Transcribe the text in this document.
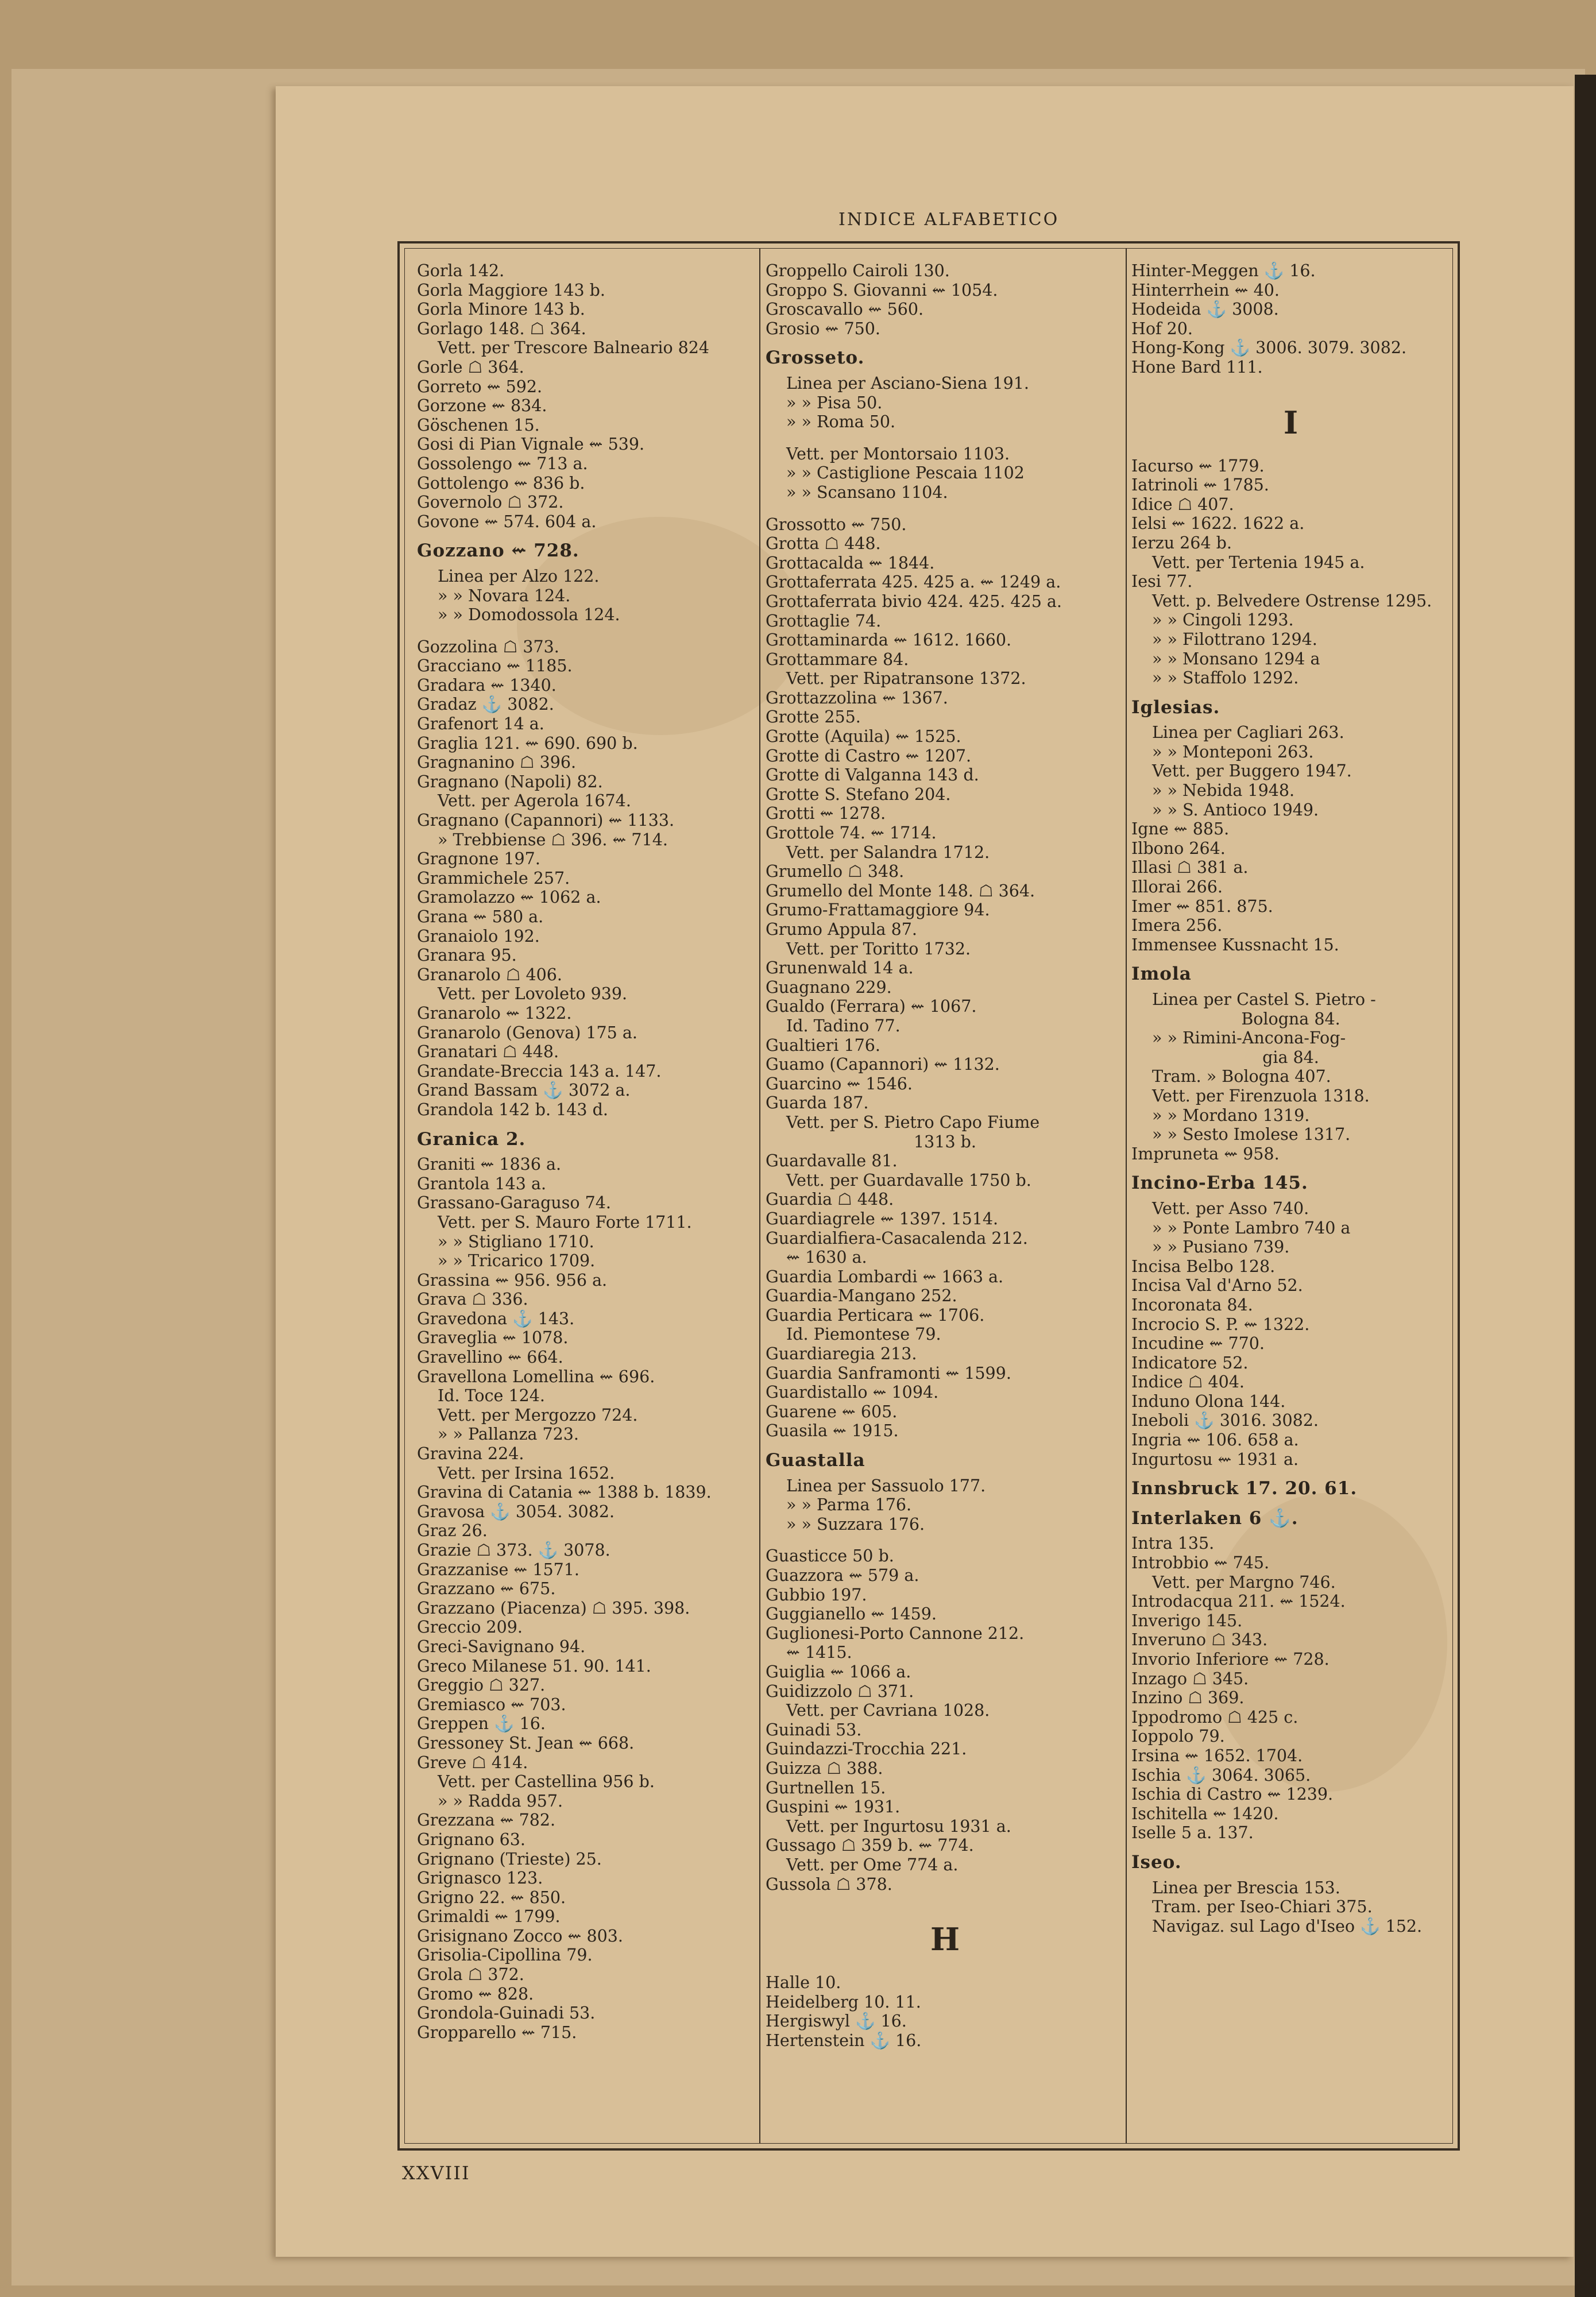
INDICE ALFABETICO
Gorla 142.
Gorla Maggiore 143 b.
Gorla Minore 143 b.
Gorlago 148. ☖ 364.
Vett. per Trescore Balneario 824
Gorle ☖ 364.
Gorreto ⇜ 592.
Gorzone ⇜ 834.
Göschenen 15.
Gosi di Pian Vignale ⇜ 539.
Gossolengo ⇜ 713 a.
Gottolengo ⇜ 836 b.
Governolo ☖ 372.
Govone ⇜ 574. 604 a.
Gozzano ⇜ 728.
Linea per Alzo 122.
» » Novara 124.
» » Domodossola 124.
Gozzolina ☖ 373.
Gracciano ⇜ 1185.
Gradara ⇜ 1340.
Gradaz ⚓ 3082.
Grafenort 14 a.
Graglia 121. ⇜ 690. 690 b.
Gragnanino ☖ 396.
Gragnano (Napoli) 82.
Vett. per Agerola 1674.
Gragnano (Capannori) ⇜ 1133.
» Trebbiense ☖ 396. ⇜ 714.
Gragnone 197.
Grammichele 257.
Gramolazzo ⇜ 1062 a.
Grana ⇜ 580 a.
Granaiolo 192.
Granara 95.
Granarolo ☖ 406.
Vett. per Lovoleto 939.
Granarolo ⇜ 1322.
Granarolo (Genova) 175 a.
Granatari ☖ 448.
Grandate-Breccia 143 a. 147.
Grand Bassam ⚓ 3072 a.
Grandola 142 b. 143 d.
Granica 2.
Graniti ⇜ 1836 a.
Grantola 143 a.
Grassano-Garaguso 74.
Vett. per S. Mauro Forte 1711.
» » Stigliano 1710.
» » Tricarico 1709.
Grassina ⇜ 956. 956 a.
Grava ☖ 336.
Gravedona ⚓ 143.
Graveglia ⇜ 1078.
Gravellino ⇜ 664.
Gravellona Lomellina ⇜ 696.
Id. Toce 124.
Vett. per Mergozzo 724.
» » Pallanza 723.
Gravina 224.
Vett. per Irsina 1652.
Gravina di Catania ⇜ 1388 b. 1839.
Gravosa ⚓ 3054. 3082.
Graz 26.
Grazie ☖ 373. ⚓ 3078.
Grazzanise ⇜ 1571.
Grazzano ⇜ 675.
Grazzano (Piacenza) ☖ 395. 398.
Greccio 209.
Greci-Savignano 94.
Greco Milanese 51. 90. 141.
Greggio ☖ 327.
Gremiasco ⇜ 703.
Greppen ⚓ 16.
Gressoney St. Jean ⇜ 668.
Greve ☖ 414.
Vett. per Castellina 956 b.
» » Radda 957.
Grezzana ⇜ 782.
Grignano 63.
Grignano (Trieste) 25.
Grignasco 123.
Grigno 22. ⇜ 850.
Grimaldi ⇜ 1799.
Grisignano Zocco ⇜ 803.
Grisolia-Cipollina 79.
Grola ☖ 372.
Gromo ⇜ 828.
Grondola-Guinadi 53.
Gropparello ⇜ 715.
Groppello Cairoli 130.
Groppo S. Giovanni ⇜ 1054.
Groscavallo ⇜ 560.
Grosio ⇜ 750.
Grosseto.
Linea per Asciano-Siena 191.
» » Pisa 50.
» » Roma 50.
Vett. per Montorsaio 1103.
» » Castiglione Pescaia 1102
» » Scansano 1104.
Grossotto ⇜ 750.
Grotta ☖ 448.
Grottacalda ⇜ 1844.
Grottaferrata 425. 425 a. ⇜ 1249 a.
Grottaferrata bivio 424. 425. 425 a.
Grottaglie 74.
Grottaminarda ⇜ 1612. 1660.
Grottammare 84.
Vett. per Ripatransone 1372.
Grottazzolina ⇜ 1367.
Grotte 255.
Grotte (Aquila) ⇜ 1525.
Grotte di Castro ⇜ 1207.
Grotte di Valganna 143 d.
Grotte S. Stefano 204.
Grotti ⇜ 1278.
Grottole 74. ⇜ 1714.
Vett. per Salandra 1712.
Grumello ☖ 348.
Grumello del Monte 148. ☖ 364.
Grumo-Frattamaggiore 94.
Grumo Appula 87.
Vett. per Toritto 1732.
Grunenwald 14 a.
Guagnano 229.
Gualdo (Ferrara) ⇜ 1067.
Id. Tadino 77.
Gualtieri 176.
Guamo (Capannori) ⇜ 1132.
Guarcino ⇜ 1546.
Guarda 187.
Vett. per S. Pietro Capo Fiume
1313 b.
Guardavalle 81.
Vett. per Guardavalle 1750 b.
Guardia ☖ 448.
Guardiagrele ⇜ 1397. 1514.
Guardialfiera-Casacalenda 212.
⇜ 1630 a.
Guardia Lombardi ⇜ 1663 a.
Guardia-Mangano 252.
Guardia Perticara ⇜ 1706.
Id. Piemontese 79.
Guardiaregia 213.
Guardia Sanframonti ⇜ 1599.
Guardistallo ⇜ 1094.
Guarene ⇜ 605.
Guasila ⇜ 1915.
Guastalla
Linea per Sassuolo 177.
» » Parma 176.
» » Suzzara 176.
Guasticce 50 b.
Guazzora ⇜ 579 a.
Gubbio 197.
Guggianello ⇜ 1459.
Guglionesi-Porto Cannone 212.
⇜ 1415.
Guiglia ⇜ 1066 a.
Guidizzolo ☖ 371.
Vett. per Cavriana 1028.
Guinadi 53.
Guindazzi-Trocchia 221.
Guizza ☖ 388.
Gurtnellen 15.
Guspini ⇜ 1931.
Vett. per Ingurtosu 1931 a.
Gussago ☖ 359 b. ⇜ 774.
Vett. per Ome 774 a.
Gussola ☖ 378.
H
Halle 10.
Heidelberg 10. 11.
Hergiswyl ⚓ 16.
Hertenstein ⚓ 16.
Hinter-Meggen ⚓ 16.
Hinterrhein ⇜ 40.
Hodeida ⚓ 3008.
Hof 20.
Hong-Kong ⚓ 3006. 3079. 3082.
Hone Bard 111.
I
Iacurso ⇜ 1779.
Iatrinoli ⇜ 1785.
Idice ☖ 407.
Ielsi ⇜ 1622. 1622 a.
Ierzu 264 b.
Vett. per Tertenia 1945 a.
Iesi 77.
Vett. p. Belvedere Ostrense 1295.
» » Cingoli 1293.
» » Filottrano 1294.
» » Monsano 1294 a
» » Staffolo 1292.
Iglesias.
Linea per Cagliari 263.
» » Monteponi 263.
Vett. per Buggero 1947.
» » Nebida 1948.
» » S. Antioco 1949.
Igne ⇜ 885.
Ilbono 264.
Illasi ☖ 381 a.
Illorai 266.
Imer ⇜ 851. 875.
Imera 256.
Immensee Kussnacht 15.
Imola
Linea per Castel S. Pietro -
Bologna 84.
» » Rimini-Ancona-Fog-
gia 84.
Tram. » Bologna 407.
Vett. per Firenzuola 1318.
» » Mordano 1319.
» » Sesto Imolese 1317.
Impruneta ⇜ 958.
Incino-Erba 145.
Vett. per Asso 740.
» » Ponte Lambro 740 a
» » Pusiano 739.
Incisa Belbo 128.
Incisa Val d'Arno 52.
Incoronata 84.
Incrocio S. P. ⇜ 1322.
Incudine ⇜ 770.
Indicatore 52.
Indice ☖ 404.
Induno Olona 144.
Ineboli ⚓ 3016. 3082.
Ingria ⇜ 106. 658 a.
Ingurtosu ⇜ 1931 a.
Innsbruck 17. 20. 61.
Interlaken 6 ⚓.
Intra 135.
Introbbio ⇜ 745.
Vett. per Margno 746.
Introdacqua 211. ⇜ 1524.
Inverigo 145.
Inveruno ☖ 343.
Invorio Inferiore ⇜ 728.
Inzago ☖ 345.
Inzino ☖ 369.
Ippodromo ☖ 425 c.
Ioppolo 79.
Irsina ⇜ 1652. 1704.
Ischia ⚓ 3064. 3065.
Ischia di Castro ⇜ 1239.
Ischitella ⇜ 1420.
Iselle 5 a. 137.
Iseo.
Linea per Brescia 153.
Tram. per Iseo-Chiari 375.
Navigaz. sul Lago d'Iseo ⚓ 152.
XXVIII
